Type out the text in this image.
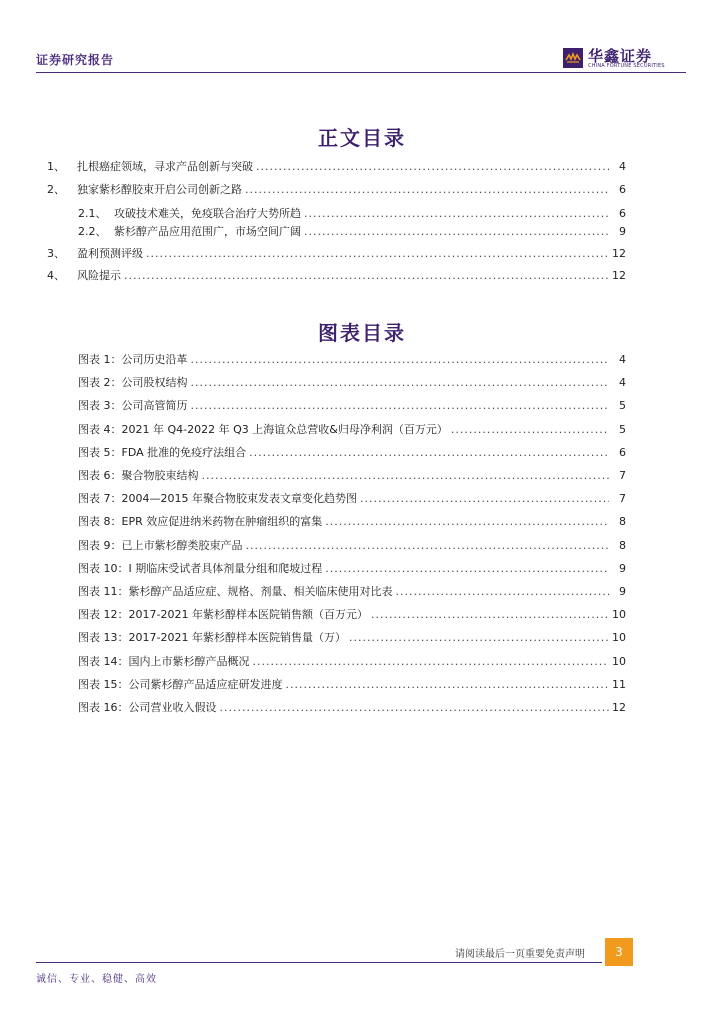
证券研究报告	华鑫证券
CHINA FORTUNE SECURITIES
正文目录
1、	扎根癌症领域，寻求产品创新与突破 .....	4
2、	独家紫杉醇胶束开启公司创新之路 .....	6
2.1、 攻破技术难关，免疫联合治疗大势所趋 .....	6
2.2、 紫杉醇产品应用范围广，市场空间广阔 .....	9
3、	盈利预测评级 .....	12
4、	风险提示 .....	12
图表目录
图表 1： 公司历史沿革 .....	4
图表 2： 公司股权结构 .....	4
图表 3： 公司高管简历 .....	5
图表 4： 2021 年 Q4-2022 年 Q3 上海谊众总营收&归母净利润（百万元） .....	5
图表 5： FDA 批准的免疫疗法组合 .....	6
图表 6： 聚合物胶束结构 .....	7
图表 7： 2004—2015 年聚合物胶束发表文章变化趋势图 .....	7
图表 8： EPR 效应促进纳米药物在肿瘤组织的富集 .....	8
图表 9： 已上市紫杉醇类胶束产品 .....	8
图表 10： I 期临床受试者具体剂量分组和爬坡过程 .....	9
图表 11： 紫杉醇产品适应症、规格、剂量、相关临床使用对比表 .....	9
图表 12： 2017-2021 年紫杉醇样本医院销售额（百万元） .....	10
图表 13： 2017-2021 年紫杉醇样本医院销售量（万） .....	10
图表 14： 国内上市紫杉醇产品概况 .....	10
图表 15： 公司紫杉醇产品适应症研发进度 .....	11
图表 16： 公司营业收入假设 .....	12
请阅读最后一页重要免责声明	3
诚信、专业、稳健、高效
